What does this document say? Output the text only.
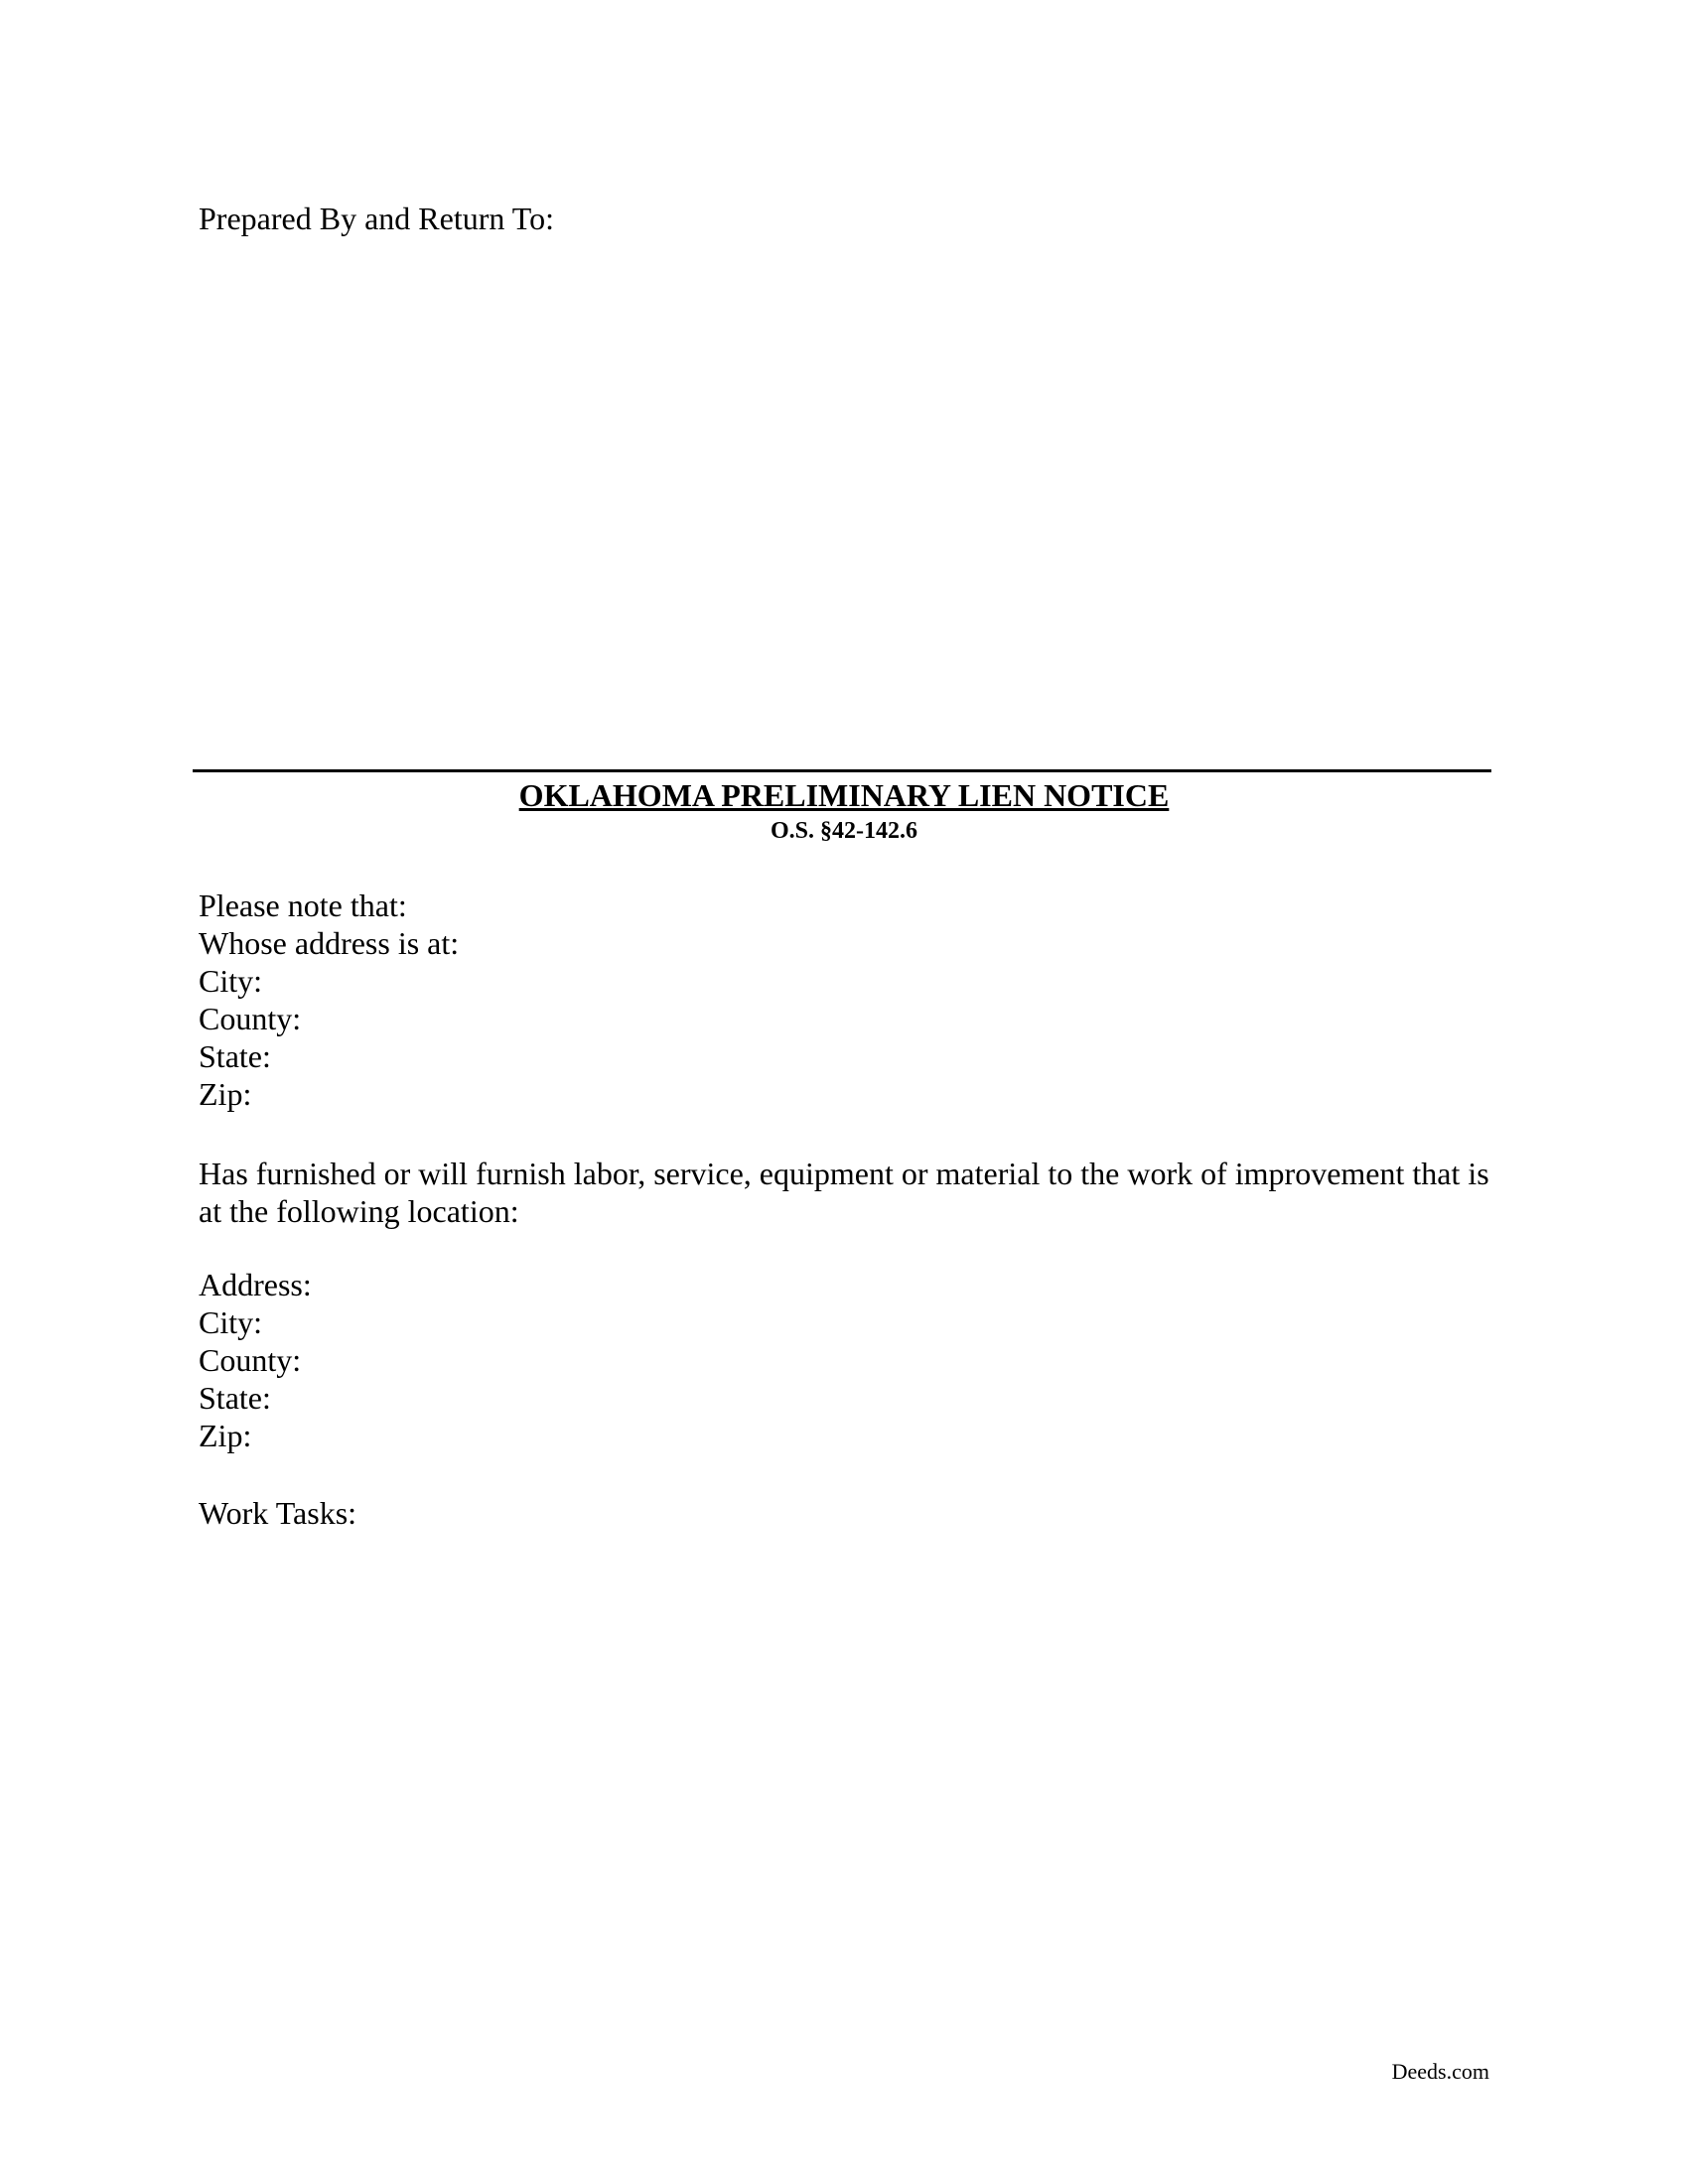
Prepared By and Return To:

OKLAHOMA PRELIMINARY LIEN NOTICE

O.S. §42-142.6

Please note that:
Whose address is at:
City:
County:
State:
Zip:

Has furnished or will furnish labor, service, equipment or material to the work of improvement that is at the following location:

Address:
City:
County:
State:
Zip:

Work Tasks:

Deeds.com
